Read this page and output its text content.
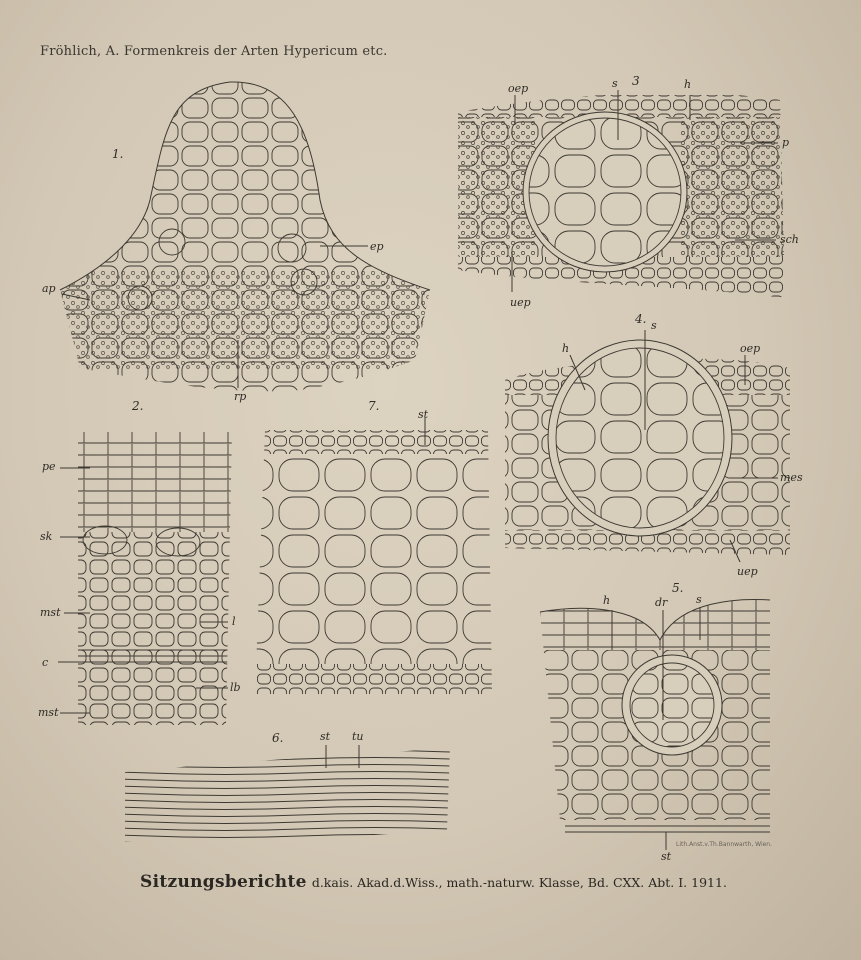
Fröhlich, A. Formenkreis der Arten Hypericum etc.
1.
ep
ap
rp
2.
pe
sk
mst
l
c
lb
mst
3
oep	s	h
p
sch
uep
4.
h
s
oep
mes
uep
5.
h	dr	s
st
6.	st tu
7.
st
Lith.Anst.v.Th.Bannwarth, Wien.
Sitzungsberichte d.kais. Akad.d.Wiss., math.-naturw. Klasse, Bd. CXX. Abt. I. 1911.
